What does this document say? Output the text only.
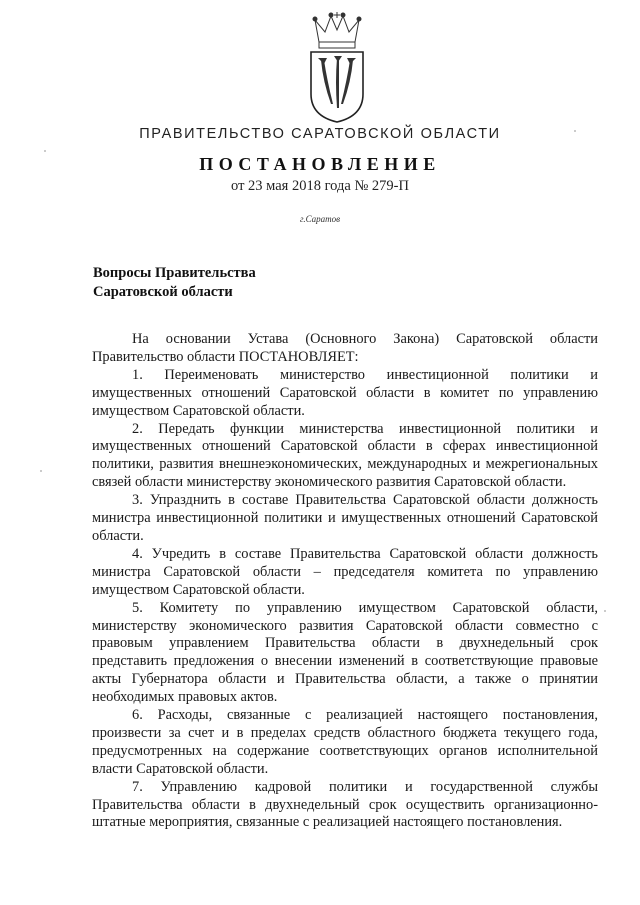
ПРАВИТЕЛЬСТВО САРАТОВСКОЙ ОБЛАСТИ
ПОСТАНОВЛЕНИЕ
от 23 мая 2018 года № 279-П
г.Саратов
Вопросы Правительства
Саратовской области

На основании Устава (Основного Закона) Саратовской области Правительство области ПОСТАНОВЛЯЕТ:

1. Переименовать министерство инвестиционной политики и имущественных отношений Саратовской области в комитет по управлению имуществом Саратовской области.

2. Передать функции министерства инвестиционной политики и имущественных отношений Саратовской области в сферах инвестиционной политики, развития внешнеэкономических, международных и межрегиональных связей области министерству экономического развития Саратовской области.

3. Упразднить в составе Правительства Саратовской области должность министра инвестиционной политики и имущественных отношений Саратовской области.

4. Учредить в составе Правительства Саратовской области должность министра Саратовской области – председателя комитета по управлению имуществом Саратовской области.

5. Комитету по управлению имуществом Саратовской области, министерству экономического развития Саратовской области совместно с правовым управлением Правительства области в двухнедельный срок представить предложения о внесении изменений в соответствующие правовые акты Губернатора области и Правительства области, а также о принятии необходимых правовых актов.

6. Расходы, связанные с реализацией настоящего постановления, произвести за счет и в пределах средств областного бюджета текущего года, предусмотренных на содержание соответствующих органов исполнительной власти Саратовской области.

7. Управлению кадровой политики и государственной службы Правительства области в двухнедельный срок осуществить организационно-штатные мероприятия, связанные с реализацией настоящего постановления.
